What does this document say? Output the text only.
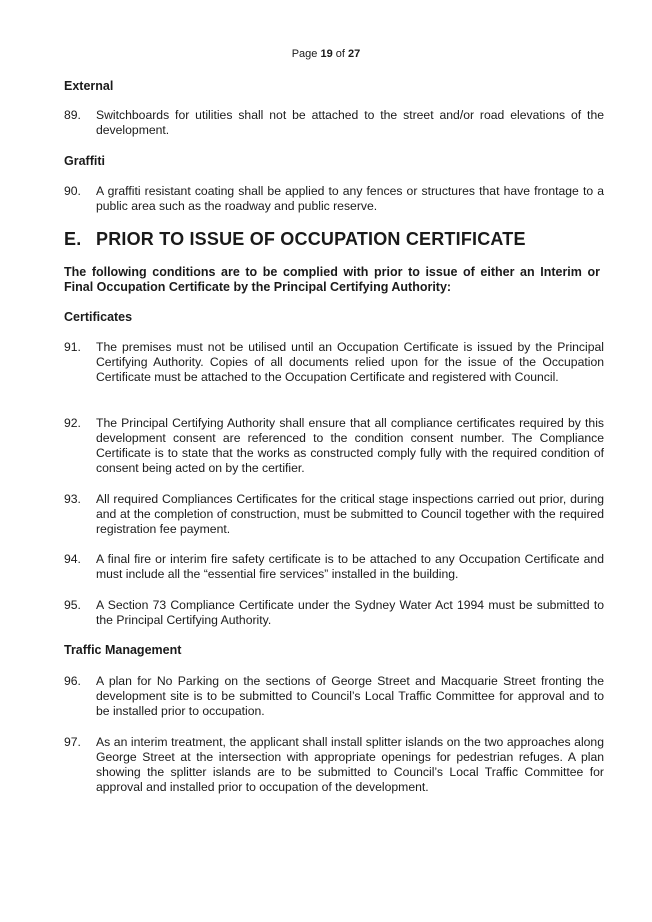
Page 19 of 27
External
89. Switchboards for utilities shall not be attached to the street and/or road elevations of the development.
Graffiti
90. A graffiti resistant coating shall be applied to any fences or structures that have frontage to a public area such as the roadway and public reserve.
E. PRIOR TO ISSUE OF OCCUPATION CERTIFICATE
The following conditions are to be complied with prior to issue of either an Interim or Final Occupation Certificate by the Principal Certifying Authority:
Certificates
91. The premises must not be utilised until an Occupation Certificate is issued by the Principal Certifying Authority. Copies of all documents relied upon for the issue of the Occupation Certificate must be attached to the Occupation Certificate and registered with Council.
92. The Principal Certifying Authority shall ensure that all compliance certificates required by this development consent are referenced to the condition consent number. The Compliance Certificate is to state that the works as constructed comply fully with the required condition of consent being acted on by the certifier.
93. All required Compliances Certificates for the critical stage inspections carried out prior, during and at the completion of construction, must be submitted to Council together with the required registration fee payment.
94. A final fire or interim fire safety certificate is to be attached to any Occupation Certificate and must include all the “essential fire services” installed in the building.
95. A Section 73 Compliance Certificate under the Sydney Water Act 1994 must be submitted to the Principal Certifying Authority.
Traffic Management
96. A plan for No Parking on the sections of George Street and Macquarie Street fronting the development site is to be submitted to Council’s Local Traffic Committee for approval and to be installed prior to occupation.
97. As an interim treatment, the applicant shall install splitter islands on the two approaches along George Street at the intersection with appropriate openings for pedestrian refuges. A plan showing the splitter islands are to be submitted to Council’s Local Traffic Committee for approval and installed prior to occupation of the development.
